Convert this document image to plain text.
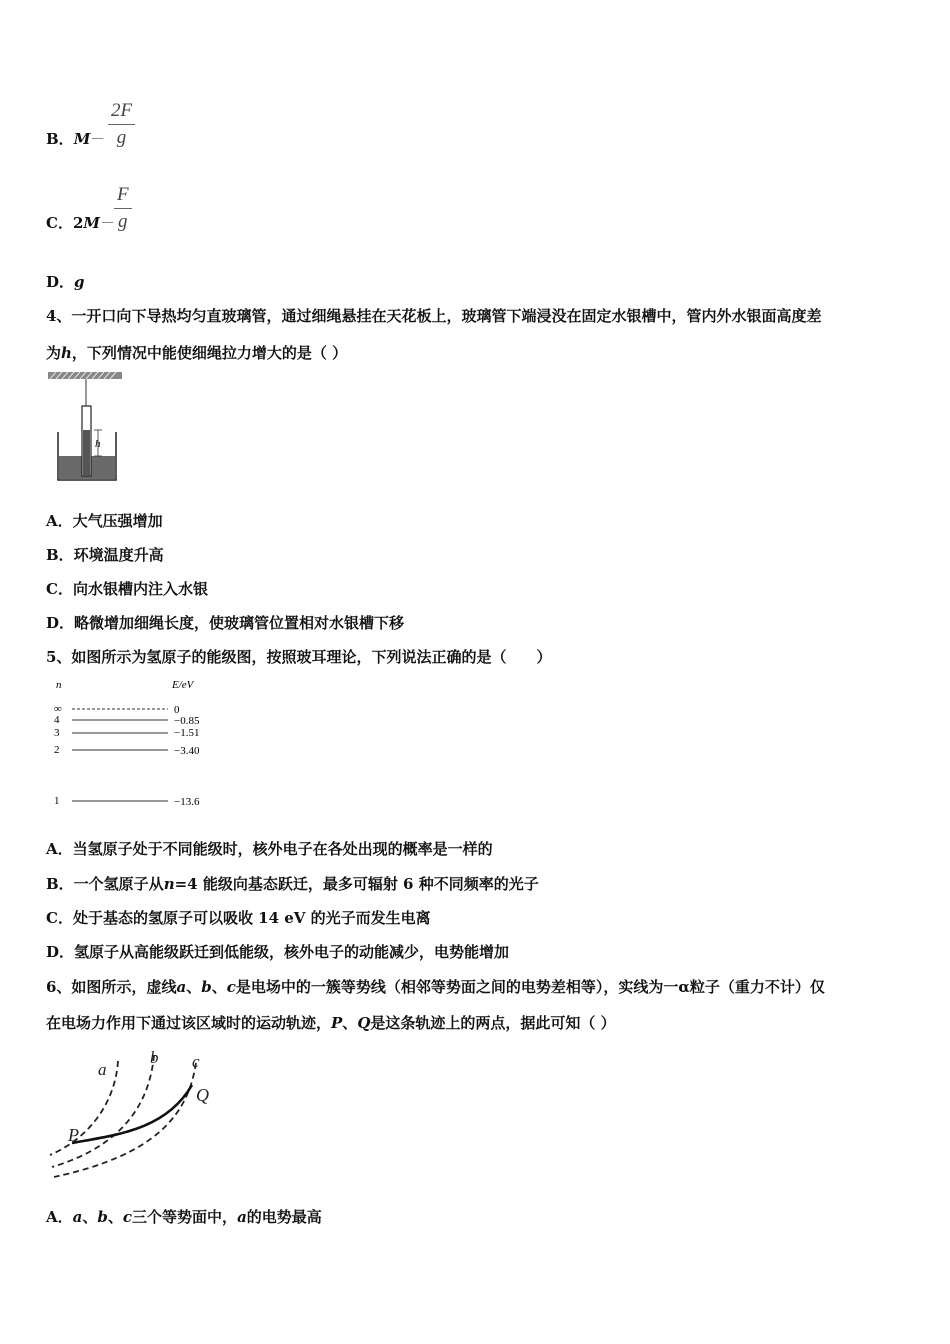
B．M－
2F
g
C．2M－
F
g
D．g
4、一开口向下导热均匀直玻璃管，通过细绳悬挂在天花板上，玻璃管下端浸没在固定水银槽中，管内外水银面高度差
为h，下列情况中能使细绳拉力增大的是（ ）
h
A．大气压强增加
B．环境温度升高
C．向水银槽内注入水银
D．略微增加细绳长度，使玻璃管位置相对水银槽下移
5、如图所示为氢原子的能级图，按照玻耳理论，下列说法正确的是（　　）
n	E/eV
∞	0
4	−0.85
3	−1.51
2	−3.40
1	−13.6
A．当氢原子处于不同能级时，核外电子在各处出现的概率是一样的
B．一个氢原子从n=4 能级向基态跃迁，最多可辐射 6 种不同频率的光子
C．处于基态的氢原子可以吸收 14 eV 的光子而发生电离
D．氢原子从高能级跃迁到低能级，核外电子的动能减少，电势能增加
6、如图所示，虚线a、b、c是电场中的一簇等势线（相邻等势面之间的电势差相等），实线为一α粒子（重力不计）仅
在电场力作用下通过该区域时的运动轨迹，P、Q是这条轨迹上的两点，据此可知（ ）
a
b c
P
Q
A．a、b、c三个等势面中，a的电势最高
